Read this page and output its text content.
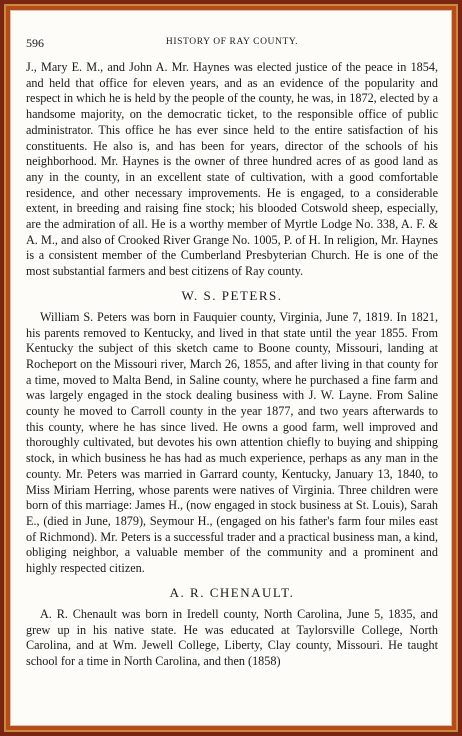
596	HISTORY OF RAY COUNTY.

J., Mary E. M., and John A. Mr. Haynes was elected justice of the peace in 1854, and held that office for eleven years, and as an evidence of the popularity and respect in which he is held by the people of the county, he was, in 1872, elected by a handsome majority, on the democratic ticket, to the responsible office of public administrator. This office he has ever since held to the entire satisfaction of his constituents. He also is, and has been for years, director of the schools of his neighborhood. Mr. Haynes is the owner of three hundred acres of as good land as any in the county, in an excellent state of cultivation, with a good comfortable residence, and other necessary improvements. He is engaged, to a considerable extent, in breeding and raising fine stock; his blooded Cotswold sheep, especially, are the admiration of all. He is a worthy member of Myrtle Lodge No. 338, A. F. & A. M., and also of Crooked River Grange No. 1005, P. of H. In religion, Mr. Haynes is a consistent member of the Cumberland Presbyterian Church. He is one of the most substantial farmers and best citizens of Ray county.

W. S. PETERS.

William S. Peters was born in Fauquier county, Virginia, June 7, 1819. In 1821, his parents removed to Kentucky, and lived in that state until the year 1855. From Kentucky the subject of this sketch came to Boone county, Missouri, landing at Rocheport on the Missouri river, March 26, 1855, and after living in that county for a time, moved to Malta Bend, in Saline county, where he purchased a fine farm and was largely engaged in the stock dealing business with J. W. Layne. From Saline county he moved to Carroll county in the year 1877, and two years afterwards to this county, where he has since lived. He owns a good farm, well improved and thoroughly cultivated, but devotes his own attention chiefly to buying and shipping stock, in which business he has had as much experience, perhaps as any man in the county. Mr. Peters was married in Garrard county, Kentucky, January 13, 1840, to Miss Miriam Herring, whose parents were natives of Virginia. Three children were born of this marriage: James H., (now engaged in stock business at St. Louis), Sarah E., (died in June, 1879), Seymour H., (engaged on his father's farm four miles east of Richmond). Mr. Peters is a successful trader and a practical business man, a kind, obliging neighbor, a valuable member of the community and a prominent and highly respected citizen.

A. R. CHENAULT.

A. R. Chenault was born in Iredell county, North Carolina, June 5, 1835, and grew up in his native state. He was educated at Taylorsville College, North Carolina, and at Wm. Jewell College, Liberty, Clay county, Missouri. He taught school for a time in North Carolina, and then (1858)
